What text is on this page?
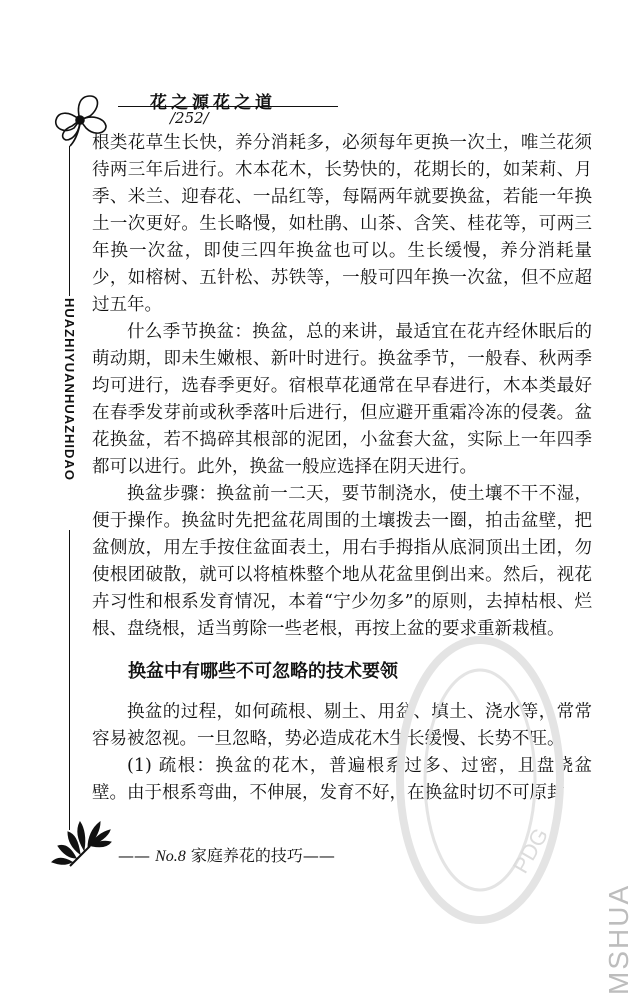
花之源花之道
/252/
HUAZHIYUANHUAZHIDAO

根类花草生长快，养分消耗多，必须每年更换一次土，唯兰花须待两三年后进行。木本花木，长势快的，花期长的，如茉莉、月季、米兰、迎春花、一品红等，每隔两年就要换盆，若能一年换土一次更好。生长略慢，如杜鹃、山茶、含笑、桂花等，可两三年换一次盆，即使三四年换盆也可以。生长缓慢，养分消耗量少，如榕树、五针松、苏铁等，一般可四年换一次盆，但不应超过五年。

什么季节换盆：换盆，总的来讲，最适宜在花卉经休眠后的萌动期，即未生嫩根、新叶时进行。换盆季节，一般春、秋两季均可进行，选春季更好。宿根草花通常在早春进行，木本类最好在春季发芽前或秋季落叶后进行，但应避开重霜冷冻的侵袭。盆花换盆，若不捣碎其根部的泥团，小盆套大盆，实际上一年四季都可以进行。此外，换盆一般应选择在阴天进行。

换盆步骤：换盆前一二天，要节制浇水，使土壤不干不湿，便于操作。换盆时先把盆花周围的土壤拨去一圈，拍击盆壁，把盆侧放，用左手按住盆面表土，用右手拇指从底洞顶出土团，勿使根团破散，就可以将植株整个地从花盆里倒出来。然后，视花卉习性和根系发育情况，本着“宁少勿多”的原则，去掉枯根、烂根、盘绕根，适当剪除一些老根，再按上盆的要求重新栽植。

换盆中有哪些不可忽略的技术要领

换盆的过程，如何疏根、剔土、用盆、填土、浇水等，常常容易被忽视。一旦忽略，势必造成花木生长缓慢、长势不旺。

(1) 疏根：换盆的花木，普遍根系过多、过密，且盘绕盆壁。由于根系弯曲，不伸展，发育不好，在换盆时切不可原封

—— No.8 家庭养花的技巧——	PDG
MSHUA
